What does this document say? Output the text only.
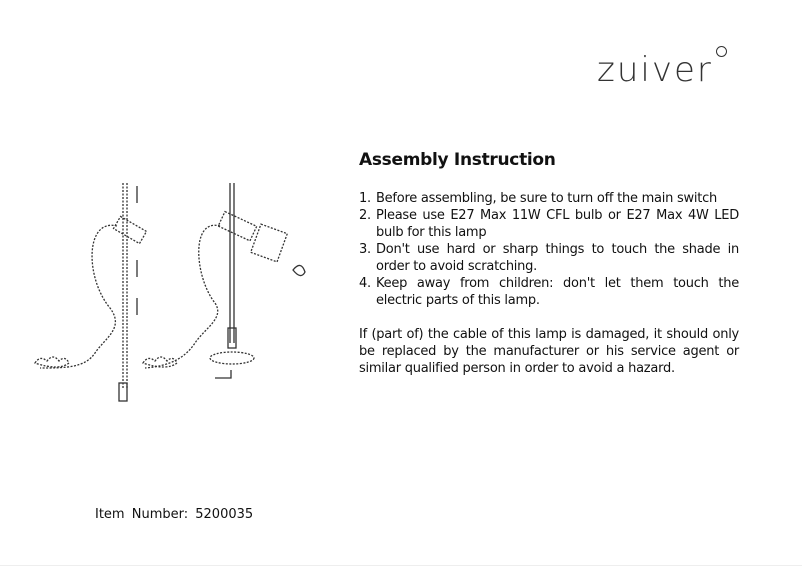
zuiver
Assembly Instruction
1. Before assembling, be sure to turn off the main switch
2. Please use E27 Max 11W CFL bulb or E27 Max 4W LED bulb for this lamp
3. Don't use hard or sharp things to touch the shade in order to avoid scratching.
4. Keep away from children: don't let them touch the electric parts of this lamp.
If (part of) the cable of this lamp is damaged, it should only be replaced by the manufacturer or his service agent or similar qualified person in order to avoid a hazard.
Item Number: 5200035
